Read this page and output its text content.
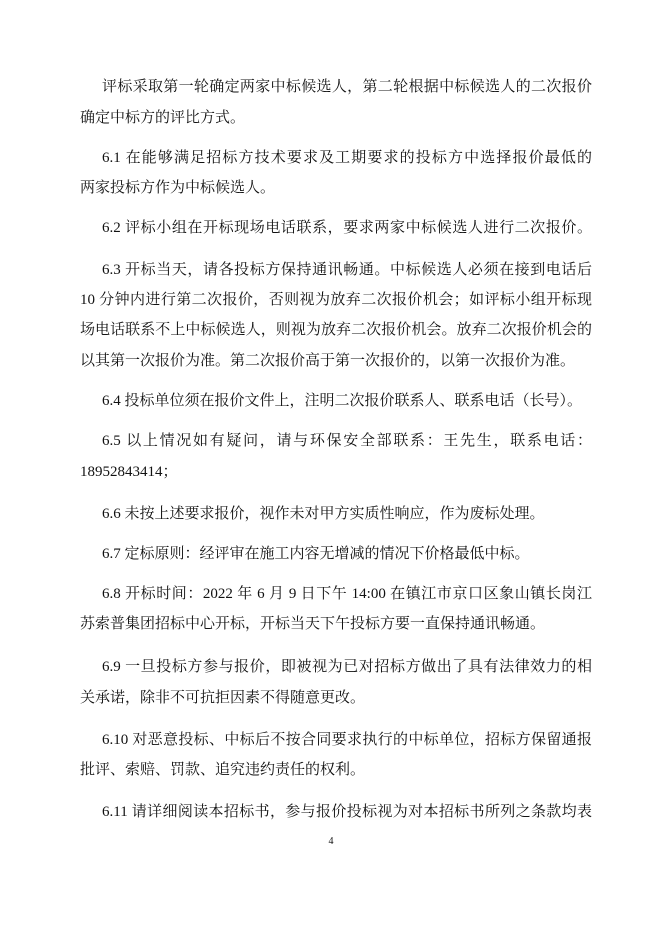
评标采取第一轮确定两家中标候选人，第二轮根据中标候选人的二次报价
确定中标方的评比方式。
6.1 在能够满足招标方技术要求及工期要求的投标方中选择报价最低的
两家投标方作为中标候选人。
6.2 评标小组在开标现场电话联系，要求两家中标候选人进行二次报价。
6.3 开标当天，请各投标方保持通讯畅通。中标候选人必须在接到电话后
10 分钟内进行第二次报价，否则视为放弃二次报价机会；如评标小组开标现
场电话联系不上中标候选人，则视为放弃二次报价机会。放弃二次报价机会的
以其第一次报价为准。第二次报价高于第一次报价的，以第一次报价为准。
6.4 投标单位须在报价文件上，注明二次报价联系人、联系电话（长号）。
6.5 以上情况如有疑问，请与环保安全部联系：王先生，联系电话：
18952843414；
6.6 未按上述要求报价，视作未对甲方实质性响应，作为废标处理。
6.7 定标原则：经评审在施工内容无增减的情况下价格最低中标。
6.8 开标时间：2022 年 6 月 9 日下午 14:00 在镇江市京口区象山镇长岗江
苏索普集团招标中心开标，开标当天下午投标方要一直保持通讯畅通。
6.9 一旦投标方参与报价，即被视为已对招标方做出了具有法律效力的相
关承诺，除非不可抗拒因素不得随意更改。
6.10 对恶意投标、中标后不按合同要求执行的中标单位，招标方保留通报
批评、索赔、罚款、追究违约责任的权利。
6.11 请详细阅读本招标书，参与报价投标视为对本招标书所列之条款均表
4
